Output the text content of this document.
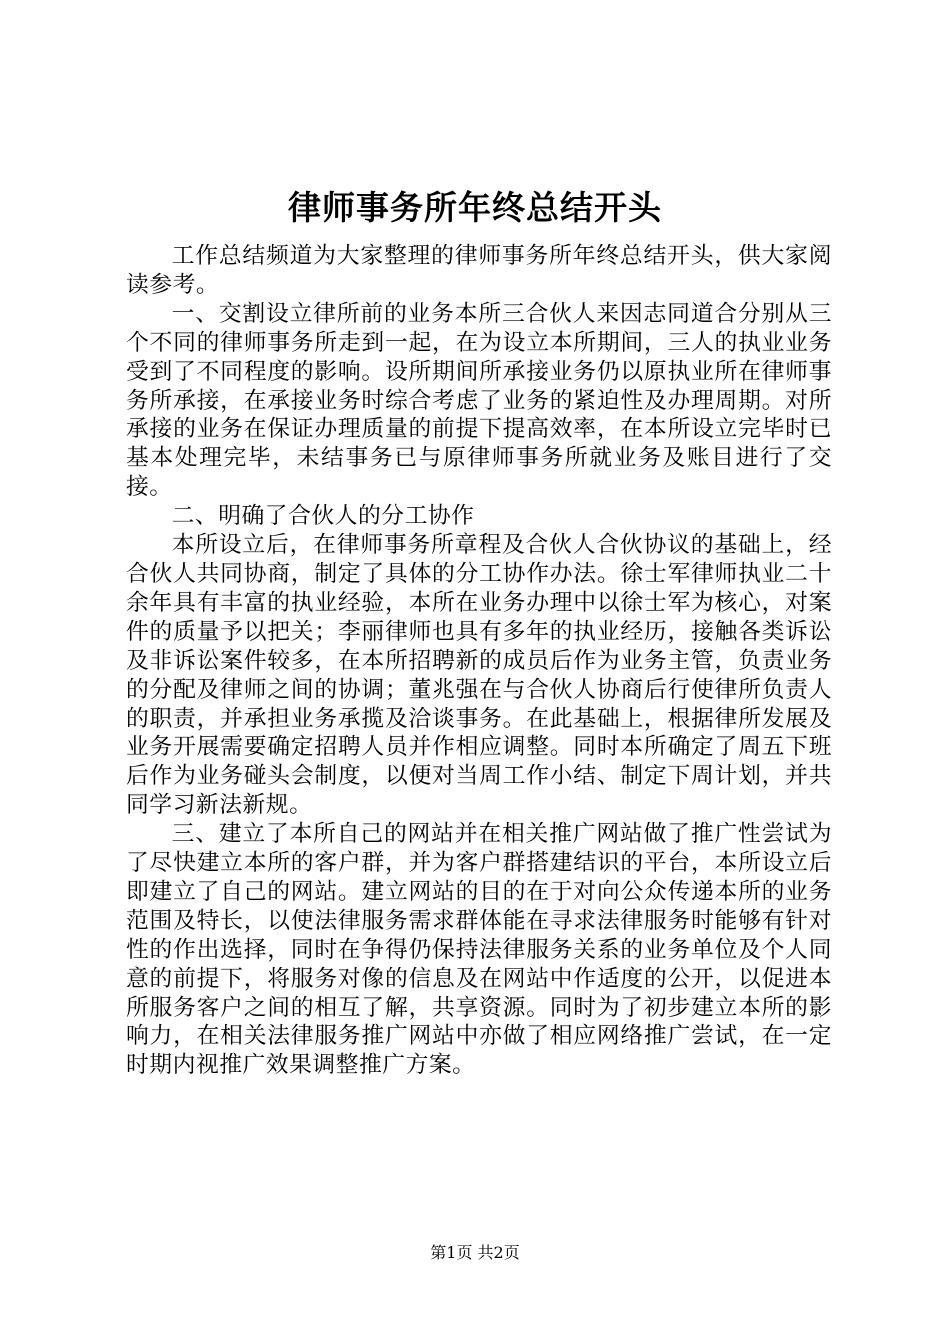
律师事务所年终总结开头

工作总结频道为大家整理的律师事务所年终总结开头，供大家阅读参考。

一、交割设立律所前的业务本所三合伙人来因志同道合分别从三个不同的律师事务所走到一起，在为设立本所期间，三人的执业业务受到了不同程度的影响。设所期间所承接业务仍以原执业所在律师事务所承接，在承接业务时综合考虑了业务的紧迫性及办理周期。对所承接的业务在保证办理质量的前提下提高效率，在本所设立完毕时已基本处理完毕，未结事务已与原律师事务所就业务及账目进行了交接。

二、明确了合伙人的分工协作

本所设立后，在律师事务所章程及合伙人合伙协议的基础上，经合伙人共同协商，制定了具体的分工协作办法。徐士军律师执业二十余年具有丰富的执业经验，本所在业务办理中以徐士军为核心，对案件的质量予以把关；李丽律师也具有多年的执业经历，接触各类诉讼及非诉讼案件较多，在本所招聘新的成员后作为业务主管，负责业务的分配及律师之间的协调；董兆强在与合伙人协商后行使律所负责人的职责，并承担业务承揽及洽谈事务。在此基础上，根据律所发展及业务开展需要确定招聘人员并作相应调整。同时本所确定了周五下班后作为业务碰头会制度，以便对当周工作小结、制定下周计划，并共同学习新法新规。

三、建立了本所自己的网站并在相关推广网站做了推广性尝试为了尽快建立本所的客户群，并为客户群搭建结识的平台，本所设立后即建立了自己的网站。建立网站的目的在于对向公众传递本所的业务范围及特长，以使法律服务需求群体能在寻求法律服务时能够有针对性的作出选择，同时在争得仍保持法律服务关系的业务单位及个人同意的前提下，将服务对像的信息及在网站中作适度的公开，以促进本所服务客户之间的相互了解，共享资源。同时为了初步建立本所的影响力，在相关法律服务推广网站中亦做了相应网络推广尝试，在一定时期内视推广效果调整推广方案。

第1页 共2页
